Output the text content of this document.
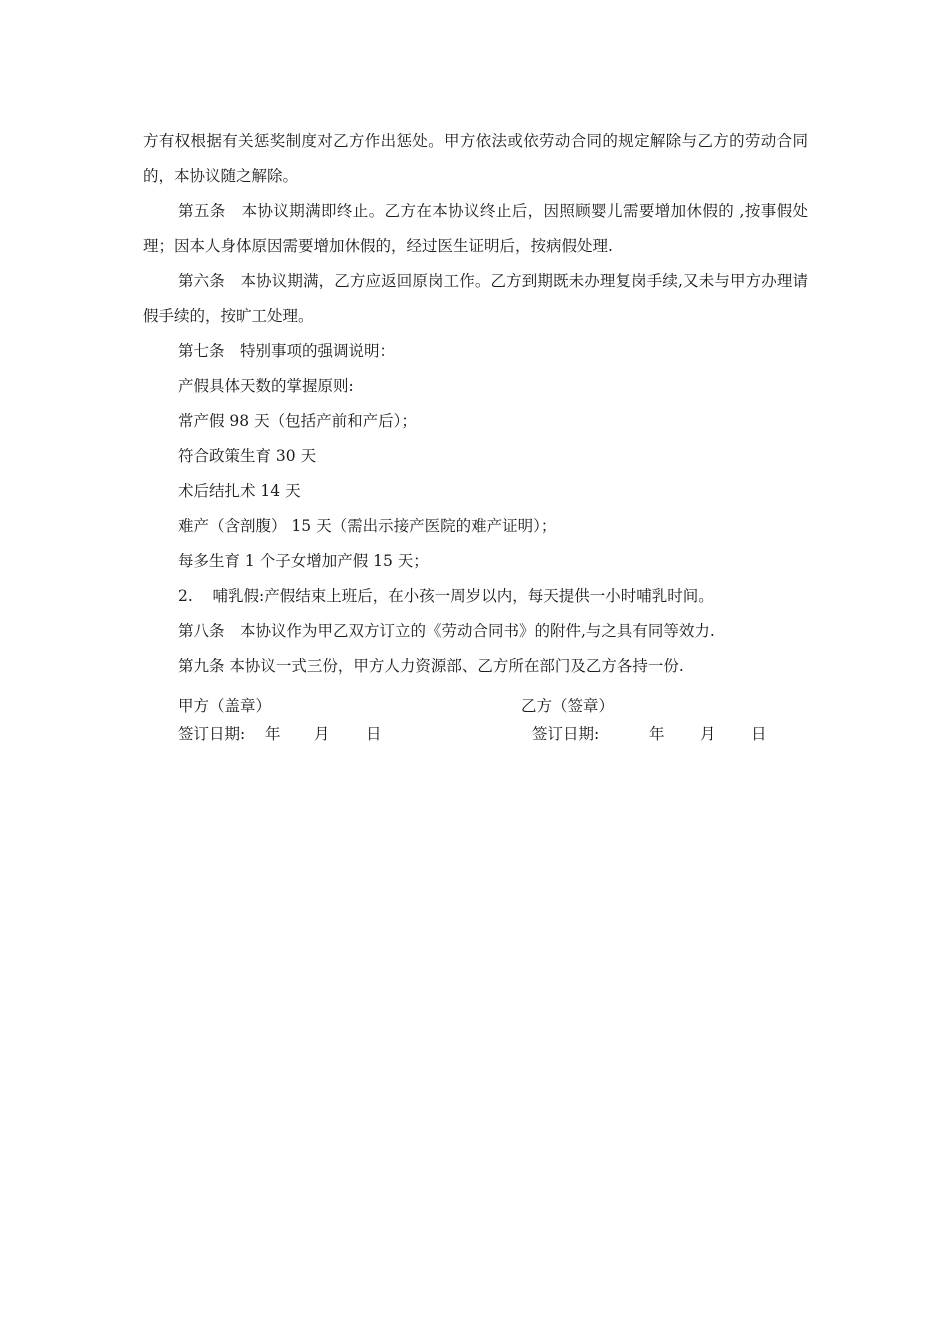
方有权根据有关惩奖制度对乙方作出惩处。甲方依法或依劳动合同的规定解除与乙方的劳动合同的，本协议随之解除。

第五条　本协议期满即终止。乙方在本协议终止后，因照顾婴儿需要增加休假的 ,按事假处理；因本人身体原因需要增加休假的，经过医生证明后，按病假处理.

第六条　本协议期满，乙方应返回原岗工作。乙方到期既未办理复岗手续,又未与甲方办理请假手续的，按旷工处理。

第七条　特别事项的强调说明：

产假具体天数的掌握原则:

常产假 98 天（包括产前和产后）；

符合政策生育 30 天

术后结扎术 14 天

难产（含剖腹） 15 天（需出示接产医院的难产证明）；

每多生育 1 个子女增加产假 15 天；

2.    哺乳假:产假结束上班后，在小孩一周岁以内，每天提供一小时哺乳时间。

第八条　本协议作为甲乙双方订立的《劳动合同书》的附件,与之具有同等效力.

第九条 本协议一式三份，甲方人力资源部、乙方所在部门及乙方各持一份.

甲方（盖章）	乙方（签章）
签订日期: 年 月 日	签订日期:	年 月 日
